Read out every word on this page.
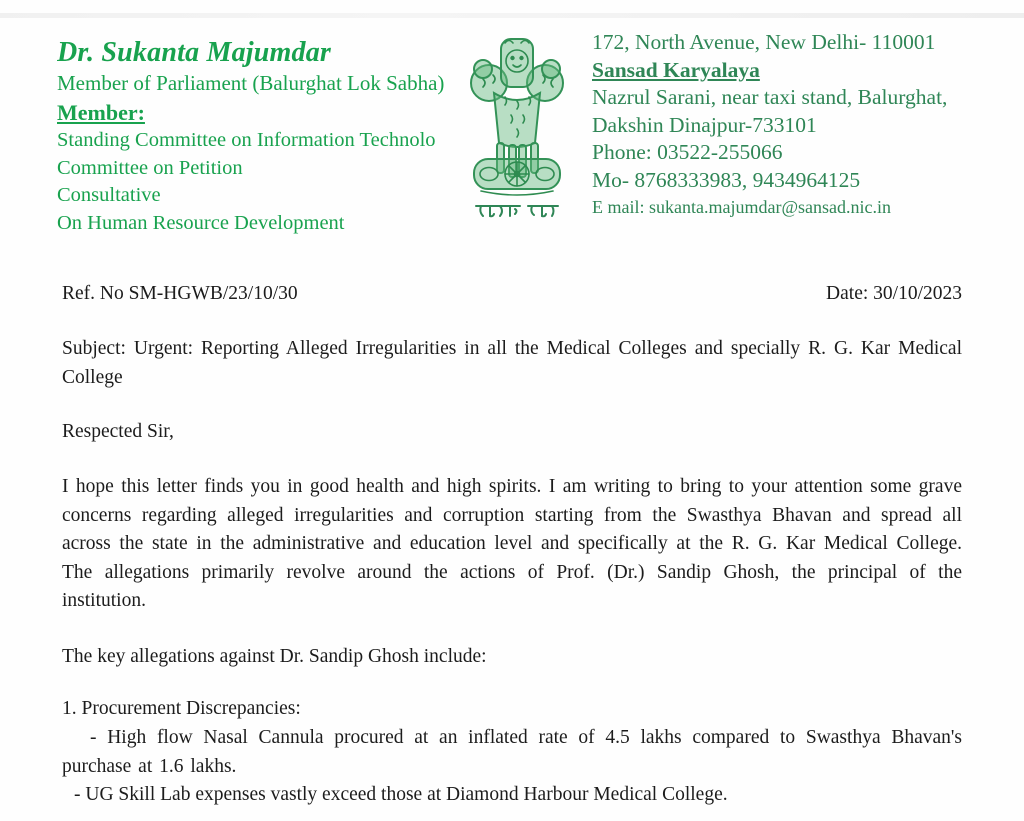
Dr. Sukanta Majumdar
Member of Parliament (Balurghat Lok Sabha)
Member:
Standing Committee on Information Technolo
Committee on Petition
Consultative
On Human Resource Development
172, North Avenue, New Delhi- 110001
Sansad Karyalaya
Nazrul Sarani, near taxi stand, Balurghat,
Dakshin Dinajpur-733101
Phone: 03522-255066
Mo- 8768333983, 9434964125
E mail: sukanta.majumdar@sansad.nic.in
Ref. No SM-HGWB/23/10/30	Date: 30/10/2023
Subject: Urgent: Reporting Alleged Irregularities in all the Medical Colleges and specially R. G. Kar Medical College
Respected Sir,
I hope this letter finds you in good health and high spirits. I am writing to bring to your attention some grave concerns regarding alleged irregularities and corruption starting from the Swasthya Bhavan and spread all across the state in the administrative and education level and specifically at the R. G. Kar Medical College. The allegations primarily revolve around the actions of Prof. (Dr.) Sandip Ghosh, the principal of the institution.
The key allegations against Dr. Sandip Ghosh include:
1. Procurement Discrepancies:
- High flow Nasal Cannula procured at an inflated rate of 4.5 lakhs compared to Swasthya Bhavan's purchase at 1.6 lakhs.
- UG Skill Lab expenses vastly exceed those at Diamond Harbour Medical College.
